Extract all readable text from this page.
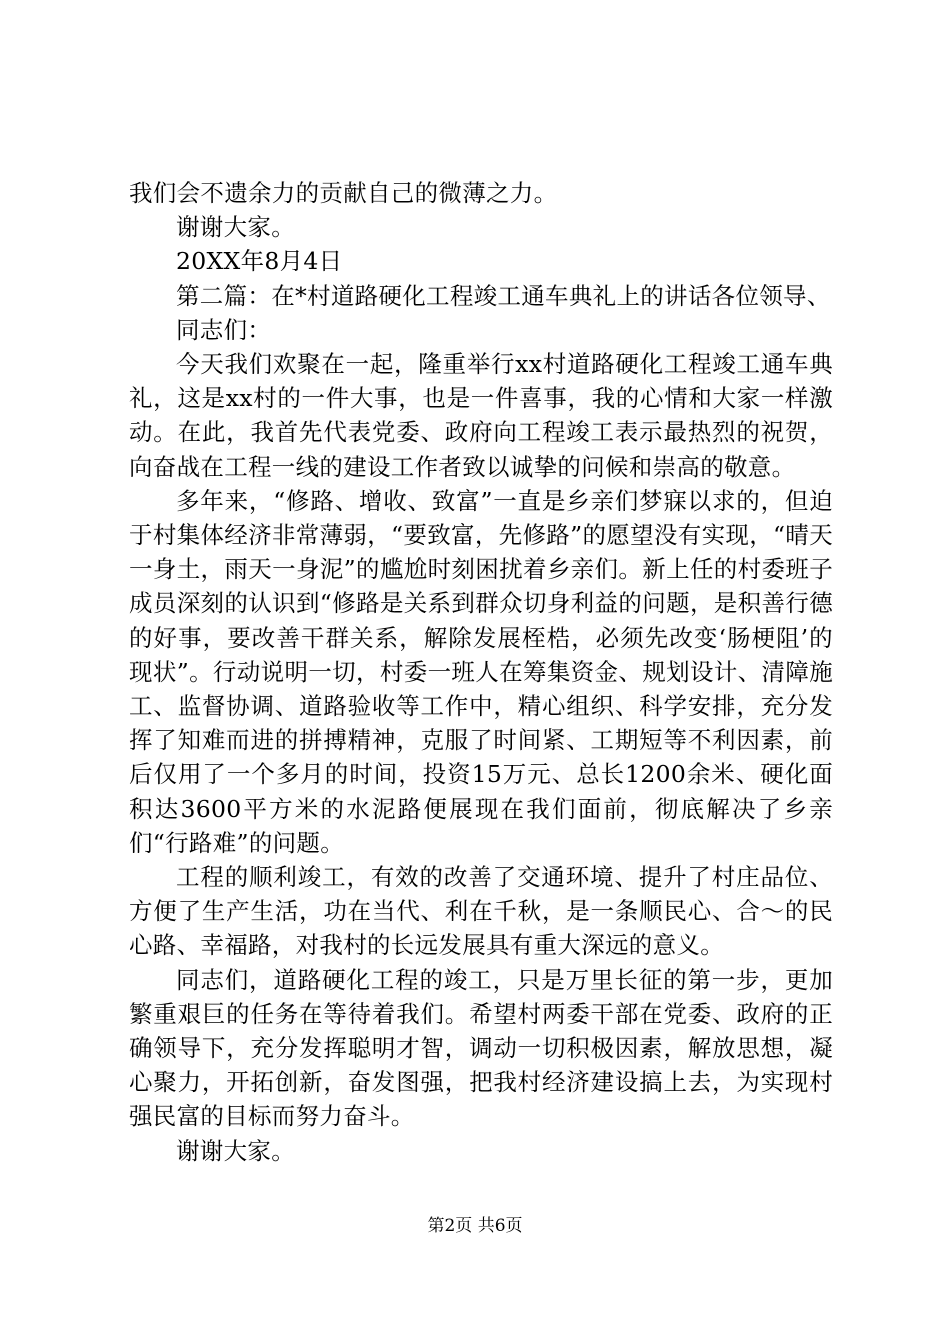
我们会不遗余力的贡献自己的微薄之力。

谢谢大家。

20XX年8月4日

第二篇：在*村道路硬化工程竣工通车典礼上的讲话各位领导、

同志们：

今天我们欢聚在一起，隆重举行xx村道路硬化工程竣工通车典礼，这是xx村的一件大事，也是一件喜事，我的心情和大家一样激动。在此，我首先代表党委、政府向工程竣工表示最热烈的祝贺，向奋战在工程一线的建设工作者致以诚挚的问候和崇高的敬意。

多年来，“修路、增收、致富”一直是乡亲们梦寐以求的，但迫于村集体经济非常薄弱，“要致富，先修路”的愿望没有实现，“晴天一身土，雨天一身泥”的尴尬时刻困扰着乡亲们。新上任的村委班子成员深刻的认识到“修路是关系到群众切身利益的问题，是积善行德的好事，要改善干群关系，解除发展桎梏，必须先改变‘肠梗阻’的现状”。行动说明一切，村委一班人在筹集资金、规划设计、清障施工、监督协调、道路验收等工作中，精心组织、科学安排，充分发挥了知难而进的拼搏精神，克服了时间紧、工期短等不利因素，前后仅用了一个多月的时间，投资15万元、总长1200余米、硬化面积达3600平方米的水泥路便展现在我们面前，彻底解决了乡亲们“行路难”的问题。

工程的顺利竣工，有效的改善了交通环境、提升了村庄品位、方便了生产生活，功在当代、利在千秋，是一条顺民心、合～的民心路、幸福路，对我村的长远发展具有重大深远的意义。

同志们，道路硬化工程的竣工，只是万里长征的第一步，更加繁重艰巨的任务在等待着我们。希望村两委干部在党委、政府的正确领导下，充分发挥聪明才智，调动一切积极因素，解放思想，凝心聚力，开拓创新，奋发图强，把我村经济建设搞上去，为实现村强民富的目标而努力奋斗。

谢谢大家。

第2页 共6页
